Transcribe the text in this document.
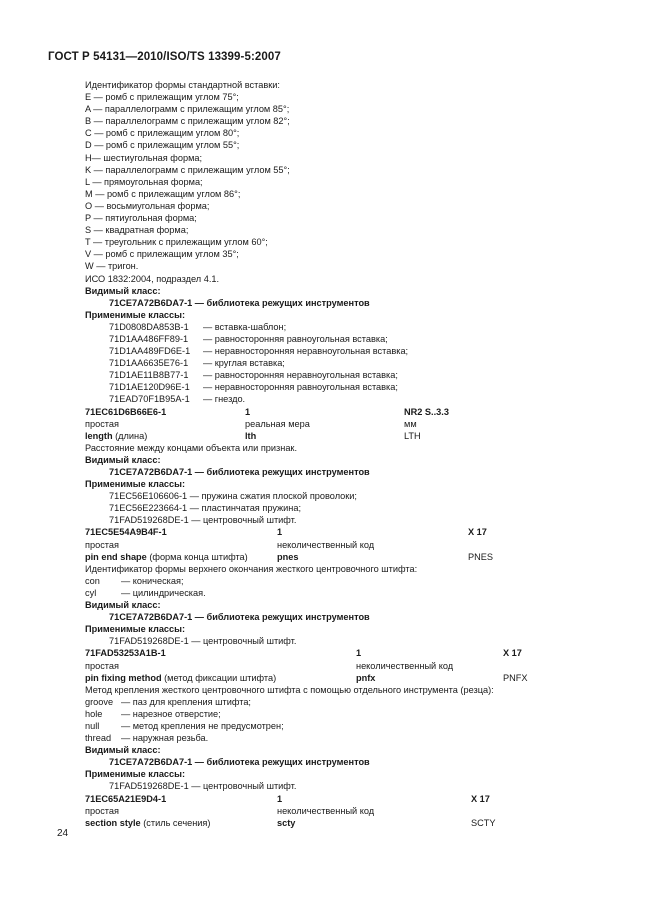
ГОСТ Р 54131—2010/ISO/TS 13399-5:2007
Идентификатор формы стандартной вставки:
E — ромб с прилежащим углом 75°;
A — параллелограмм с прилежащим углом 85°;
B — параллелограмм с прилежащим углом 82°;
C — ромб с прилежащим углом 80°;
D — ромб с прилежащим углом 55°;
H— шестиугольная форма;
K — параллелограмм с прилежащим углом 55°;
L — прямоугольная форма;
M — ромб с прилежащим углом 86°;
O — восьмиугольная форма;
P — пятиугольная форма;
S — квадратная форма;
T — треугольник с прилежащим углом 60°;
V — ромб с прилежащим углом 35°;
W — тригон.
ИСО 1832:2004, подраздел 4.1.
Видимый класс:
71CE7A72B6DA7-1 — библиотека режущих инструментов
Применимые классы:
71D0808DA853B-1 — вставка-шаблон;
71D1AA486FF89-1 — равносторонняя равноугольная вставка;
71D1AA489FD6E-1 — неравносторонняя неравноугольная вставка;
71D1AA6635E76-1 — круглая вставка;
71D1AE11B8B77-1 — равносторонняя неравноугольная вставка;
71D1AE120D96E-1 — неравносторонняя равноугольная вставка;
71EAD70F1B95A-1 — гнездо.
71EC61D6B66E6-1	1	NR2 S..3.3
простая	реальная мера	мм
length (длина)	lth	LTH
Расстояние между концами объекта или признак.
Видимый класс:
71CE7A72B6DA7-1 — библиотека режущих инструментов
Применимые классы:
71EC56E106606-1 — пружина сжатия плоской проволоки;
71EC56E223664-1 — пластинчатая пружина;
71FAD519268DE-1 — центровочный штифт.
71EC5E54A9B4F-1	1	X 17
простая	неколичественный код
pin end shape (форма конца штифта)	pnes	PNES
Идентификатор формы верхнего окончания жесткого центровочного штифта:
con — коническая;
cyl	— цилиндрическая.
Видимый класс:
71CE7A72B6DA7-1 — библиотека режущих инструментов
Применимые классы:
71FAD519268DE-1 — центровочный штифт.
71FAD53253A1B-1	1	X 17
простая	неколичественный код
pin fixing method (метод фиксации штифта)	pnfx	PNFX
Метод крепления жесткого центровочного штифта с помощью отдельного инструмента (резца):
groove — паз для крепления штифта;
hole — нарезное отверстие;
null — метод крепления не предусмотрен;
thread — наружная резьба.
Видимый класс:
71CE7A72B6DA7-1 — библиотека режущих инструментов
Применимые классы:
71FAD519268DE-1 — центровочный штифт.
71EC65A21E9D4-1	1	X 17
простая	неколичественный код
section style (стиль сечения)	scty	SCTY
24
